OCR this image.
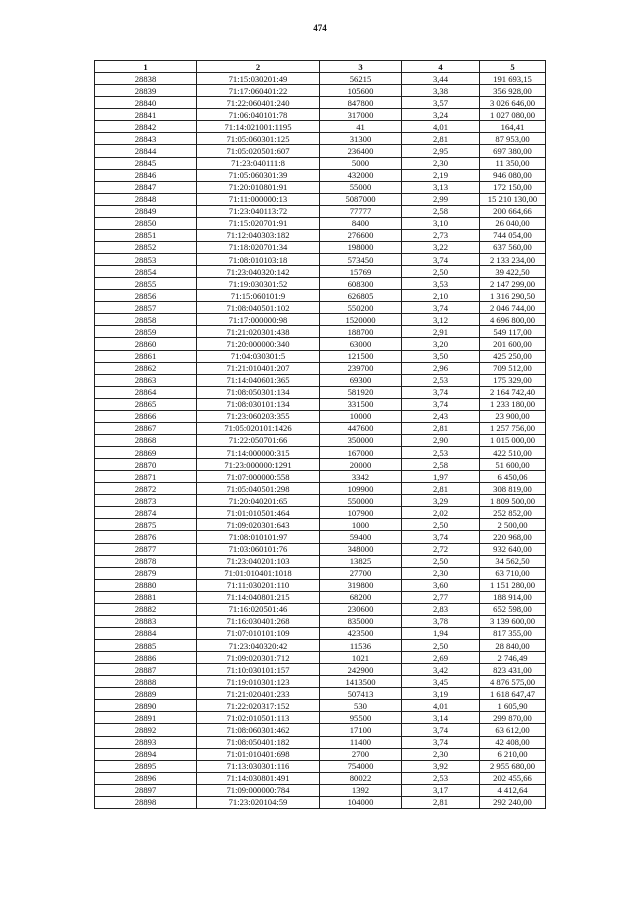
474
1	2	3	4	5
28838	71:15:030201:49	56215	3,44	191 693,15
28839	71:17:060401:22	105600	3,38	356 928,00
28840	71:22:060401:240	847800	3,57	3 026 646,00
28841	71:06:040101:78	317000	3,24	1 027 080,00
28842	71:14:021001:1195	41	4,01	164,41
28843	71:05:060301:125	31300	2,81	87 953,00
28844	71:05:020501:607	236400	2,95	697 380,00
28845	71:23:040111:8	5000	2,30	11 350,00
28846	71:05:060301:39	432000	2,19	946 080,00
28847	71:20:010801:91	55000	3,13	172 150,00
28848	71:11:000000:13	5087000	2,99	15 210 130,00
28849	71:23:040113:72	77777	2,58	200 664,66
28850	71:15:020701:91	8400	3,10	26 040,00
28851	71:12:040303:182	276600	2,73	744 054,00
28852	71:18:020701:34	198000	3,22	637 560,00
28853	71:08:010103:18	573450	3,74	2 133 234,00
28854	71:23:040320:142	15769	2,50	39 422,50
28855	71:19:030301:52	608300	3,53	2 147 299,00
28856	71:15:060101:9	626805	2,10	1 316 290,50
28857	71:08:040501:102	550200	3,74	2 046 744,00
28858	71:17:000000:98	1520000	3,12	4 696 800,00
28859	71:21:020301:438	188700	2,91	549 117,00
28860	71:20:000000:340	63000	3,20	201 600,00
28861	71:04:030301:5	121500	3,50	425 250,00
28862	71:21:010401:207	239700	2,96	709 512,00
28863	71:14:040601:365	69300	2,53	175 329,00
28864	71:08:050301:134	581920	3,74	2 164 742,40
28865	71:08:030101:134	331500	3,74	1 233 180,00
28866	71:23:060203:355	10000	2,43	23 900,00
28867	71:05:020101:1426	447600	2,81	1 257 756,00
28868	71:22:050701:66	350000	2,90	1 015 000,00
28869	71:14:000000:315	167000	2,53	422 510,00
28870	71:23:000000:1291	20000	2,58	51 600,00
28871	71:07:000000:558	3342	1,97	6 450,06
28872	71:05:040501:298	109900	2,81	308 819,00
28873	71:20:040201:65	550000	3,29	1 809 500,00
28874	71:01:010501:464	107900	2,02	252 852,00
28875	71:09:020301:643	1000	2,50	2 500,00
28876	71:08:010101:97	59400	3,74	220 968,00
28877	71:03:060101:76	348000	2,72	932 640,00
28878	71:23:040201:103	13825	2,50	34 562,50
28879	71:01:010401:1018	27700	2,30	63 710,00
28880	71:11:030201:110	319800	3,60	1 151 280,00
28881	71:14:040801:215	68200	2,77	188 914,00
28882	71:16:020501:46	230600	2,83	652 598,00
28883	71:16:030401:268	835000	3,78	3 139 600,00
28884	71:07:010101:109	423500	1,94	817 355,00
28885	71:23:040320:42	11536	2,50	28 840,00
28886	71:09:020301:712	1021	2,69	2 746,49
28887	71:10:030101:157	242900	3,42	823 431,00
28888	71:19:010301:123	1413500	3,45	4 876 575,00
28889	71:21:020401:233	507413	3,19	1 618 647,47
28890	71:22:020317:152	530	4,01	1 605,90
28891	71:02:010501:113	95500	3,14	299 870,00
28892	71:08:060301:462	17100	3,74	63 612,00
28893	71:08:050401:182	11400	3,74	42 408,00
28894	71:01:010401:698	2700	2,30	6 210,00
28895	71:13:030301:116	754000	3,92	2 955 680,00
28896	71:14:030801:491	80022	2,53	202 455,66
28897	71:09:000000:784	1392	3,17	4 412,64
28898	71:23:020104:59	104000	2,81	292 240,00
